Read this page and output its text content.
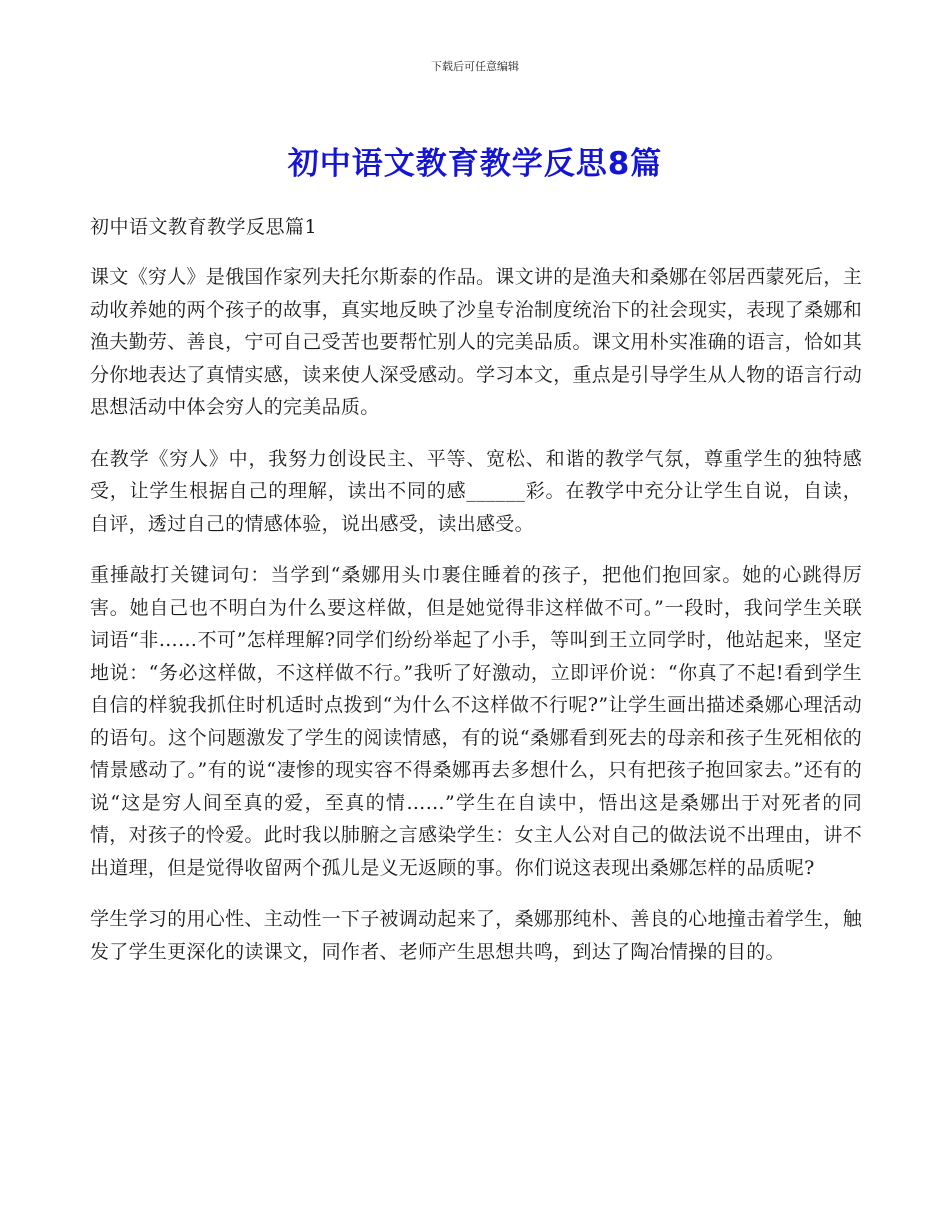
下载后可任意编辑
初中语文教育教学反思8篇
初中语文教育教学反思篇1

课文《穷人》是俄国作家列夫托尔斯泰的作品。课文讲的是渔夫和桑娜在邻居西蒙死后，主动收养她的两个孩子的故事，真实地反映了沙皇专治制度统治下的社会现实，表现了桑娜和渔夫勤劳、善良，宁可自己受苦也要帮忙别人的完美品质。课文用朴实准确的语言，恰如其分你地表达了真情实感，读来使人深受感动。学习本文，重点是引导学生从人物的语言行动思想活动中体会穷人的完美品质。

在教学《穷人》中，我努力创设民主、平等、宽松、和谐的教学气氛，尊重学生的独特感受，让学生根据自己的理解，读出不同的感______彩。在教学中充分让学生自说，自读，自评，透过自己的情感体验，说出感受，读出感受。

重捶敲打关键词句：当学到“桑娜用头巾裹住睡着的孩子，把他们抱回家。她的心跳得厉害。她自己也不明白为什么要这样做，但是她觉得非这样做不可。”一段时，我问学生关联词语“非……不可”怎样理解?同学们纷纷举起了小手，等叫到王立同学时，他站起来，坚定地说：“务必这样做，不这样做不行。”我听了好激动，立即评价说：“你真了不起!看到学生自信的样貌我抓住时机适时点拨到“为什么不这样做不行呢?”让学生画出描述桑娜心理活动的语句。这个问题激发了学生的阅读情感，有的说“桑娜看到死去的母亲和孩子生死相依的情景感动了。”有的说“凄惨的现实容不得桑娜再去多想什么，只有把孩子抱回家去。”还有的说“这是穷人间至真的爱，至真的情……”学生在自读中，悟出这是桑娜出于对死者的同情，对孩子的怜爱。此时我以肺腑之言感染学生：女主人公对自己的做法说不出理由，讲不出道理，但是觉得收留两个孤儿是义无返顾的事。你们说这表现出桑娜怎样的品质呢?

学生学习的用心性、主动性一下子被调动起来了，桑娜那纯朴、善良的心地撞击着学生，触发了学生更深化的读课文，同作者、老师产生思想共鸣，到达了陶冶情操的目的。
